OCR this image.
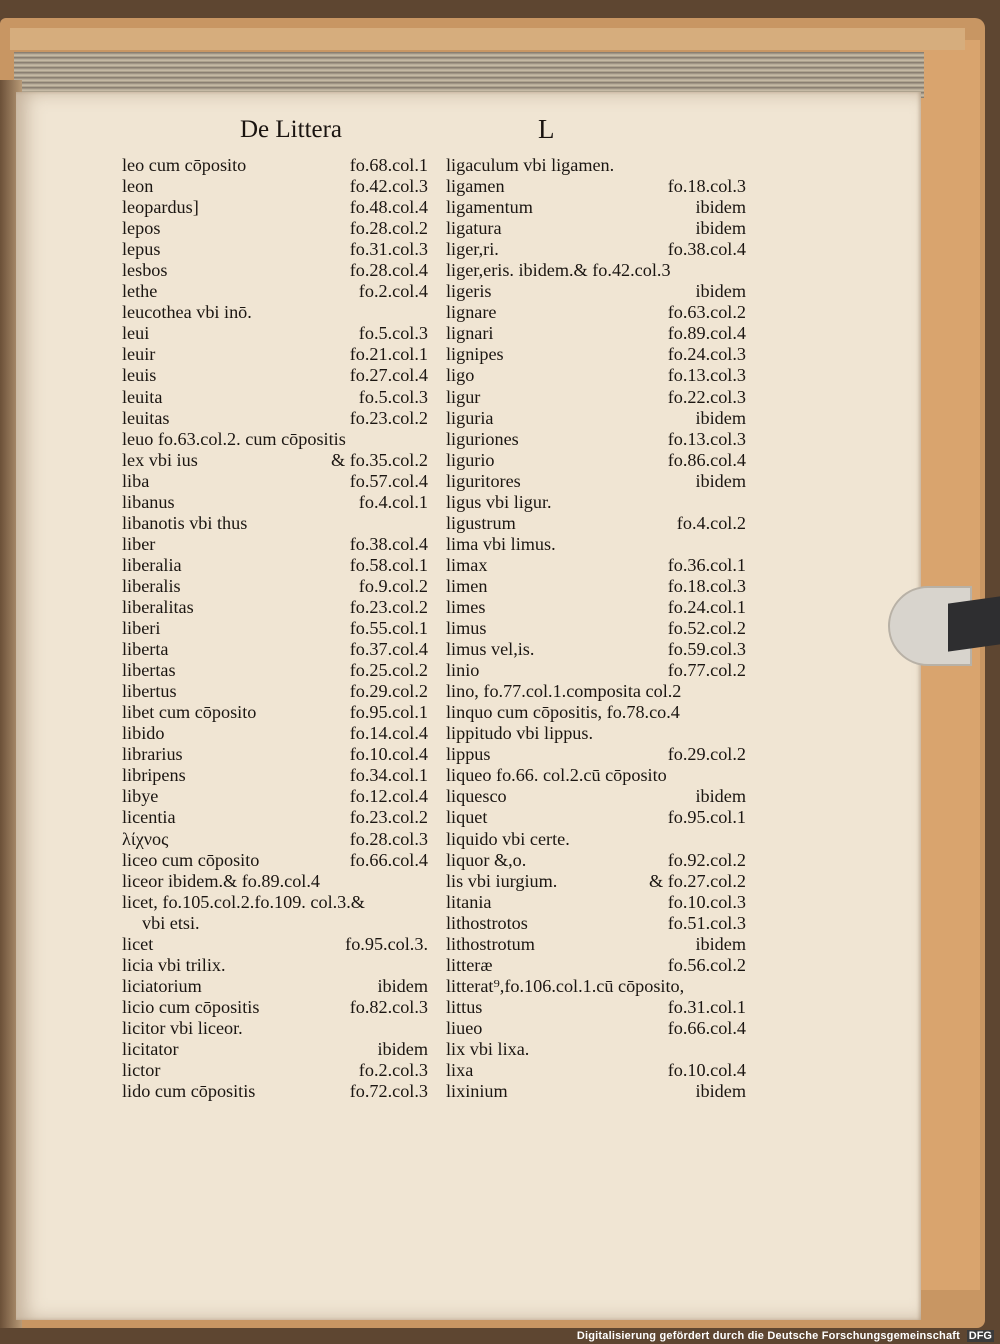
De Littera	L
leo cum cōposito	fo.68.col.1
leon	fo.42.col.3
leopardus]	fo.48.col.4
lepos	fo.28.col.2
lepus	fo.31.col.3
lesbos	fo.28.col.4
lethe	fo.2.col.4
leucothea vbi inō.
leui	fo.5.col.3
leuir	fo.21.col.1
leuis	fo.27.col.4
leuita	fo.5.col.3
leuitas	fo.23.col.2
leuo fo.63.col.2. cum cōpositis
lex vbi ius	& fo.35.col.2
liba	fo.57.col.4
libanus	fo.4.col.1
libanotis vbi thus
liber	fo.38.col.4
liberalia	fo.58.col.1
liberalis	fo.9.col.2
liberalitas	fo.23.col.2
liberi	fo.55.col.1
liberta	fo.37.col.4
libertas	fo.25.col.2
libertus	fo.29.col.2
libet cum cōposito	fo.95.col.1
libido	fo.14.col.4
librarius	fo.10.col.4
libripens	fo.34.col.1
libye	fo.12.col.4
licentia	fo.23.col.2
λίχνος	fo.28.col.3
liceo cum cōposito	fo.66.col.4
liceor ibidem.& fo.89.col.4
licet, fo.105.col.2.fo.109. col.3.&
vbi etsi.
licet	fo.95.col.3.
licia vbi trilix.
liciatorium	ibidem
licio cum cōpositis	fo.82.col.3
licitor vbi liceor.
licitator	ibidem
lictor	fo.2.col.3
lido cum cōpositis	fo.72.col.3
ligaculum vbi ligamen.
ligamen	fo.18.col.3
ligamentum	ibidem
ligatura	ibidem
liger,ri.	fo.38.col.4
liger,eris. ibidem.& fo.42.col.3
ligeris	ibidem
lignare	fo.63.col.2
lignari	fo.89.col.4
lignipes	fo.24.col.3
ligo	fo.13.col.3
ligur	fo.22.col.3
liguria	ibidem
liguriones	fo.13.col.3
ligurio	fo.86.col.4
liguritores	ibidem
ligus vbi ligur.
ligustrum	fo.4.col.2
lima vbi limus.
limax	fo.36.col.1
limen	fo.18.col.3
limes	fo.24.col.1
limus	fo.52.col.2
limus vel,is.	fo.59.col.3
linio	fo.77.col.2
lino, fo.77.col.1.composita col.2
linquo cum cōpositis, fo.78.co.4
lippitudo vbi lippus.
lippus	fo.29.col.2
liqueo fo.66. col.2.cū cōposito
liquesco	ibidem
liquet	fo.95.col.1
liquido vbi certe.
liquor &,o.	fo.92.col.2
lis vbi iurgium.	& fo.27.col.2
litania	fo.10.col.3
lithostrotos	fo.51.col.3
lithostrotum	ibidem
litteræ	fo.56.col.2
litterat⁹,fo.106.col.1.cū cōposito,
littus	fo.31.col.1
liueo	fo.66.col.4
lix vbi lixa.
lixa	fo.10.col.4
lixinium	ibidem
Digitalisierung gefördert durch die Deutsche Forschungsgemeinschaft DFG
